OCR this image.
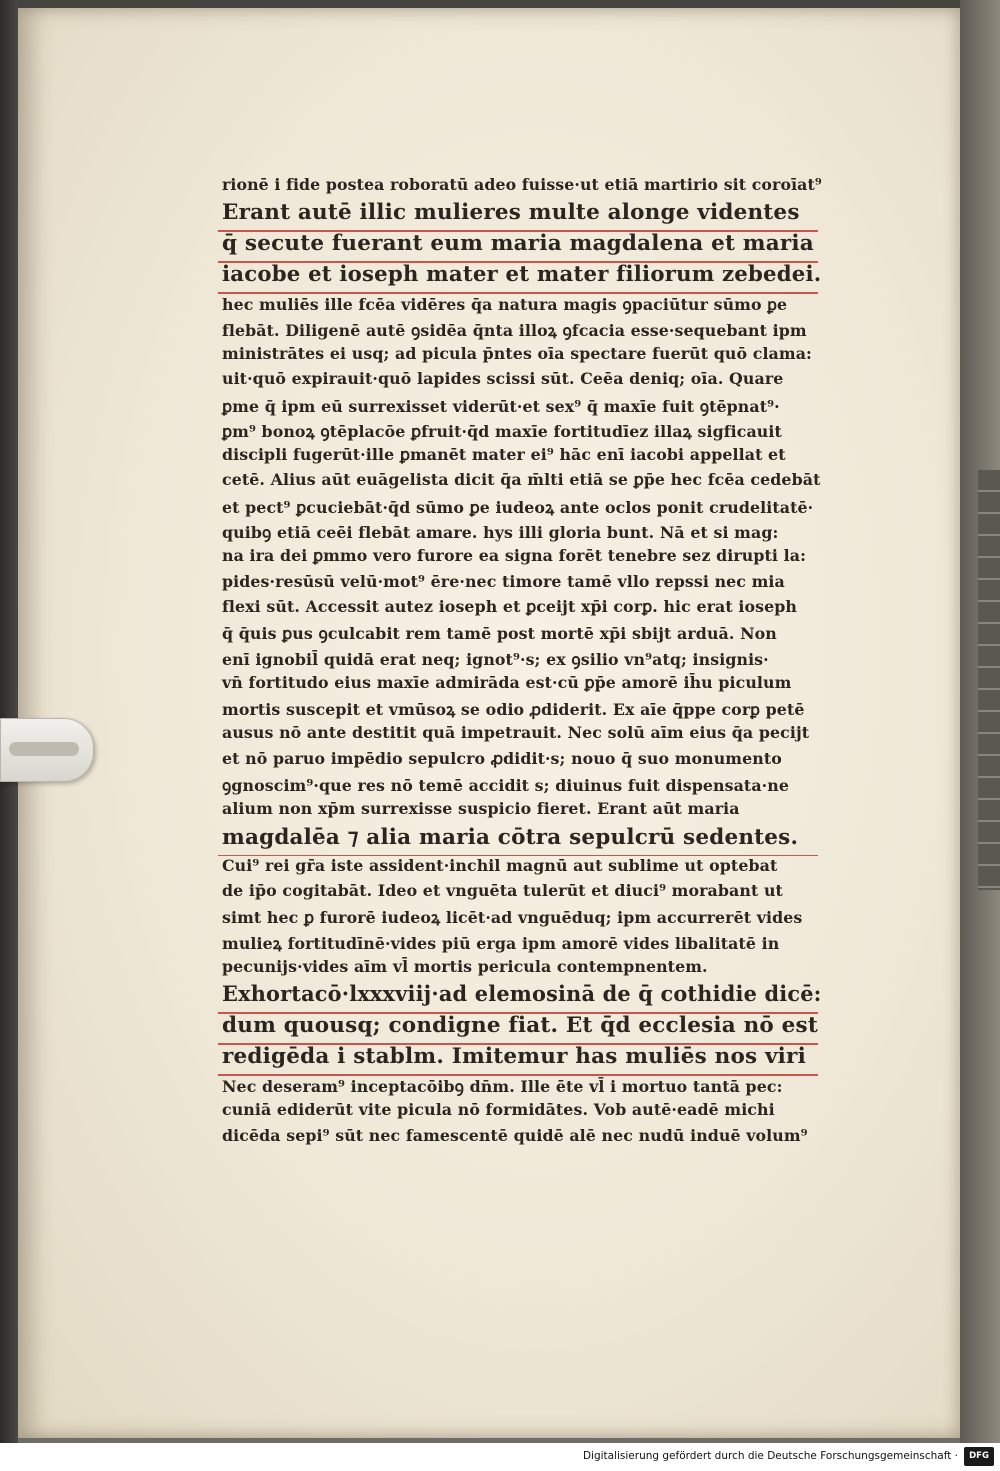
rionē i fide postea roboratū adeo fuisse·ut etiā martirio sit coroīat⁹
Erant autē illic mulieres multe alonge videntes
q̄ secute fuerant eum maria magdalena et maria
iacobe et ioseph mater et mater filiorum zebedei.
hec muliēs ille fcēa vidēres q̄a natura magis ꝯpaciūtur sūmo ꝑe
flebāt. Diligenē autē ꝯsidēa q̄nta illoꝝ ꝯfcacia esse·sequebant ipm
ministrātes ei usq; ad picula p̄ntes oīa spectare fuerūt quō clama:
uit·quō expirauit·quō lapides scissi sūt. Ceēa deniq; oīa. Quare
ꝑme q̄ ipm eū surrexisset viderūt·et sex⁹ q̄ maxīe fuit ꝯtēpnat⁹·
ꝑm⁹ bonoꝝ ꝯtēplacōe ꝑfruit·q̄d maxīe fortitudīez illaꝝ sigficauit
discipli fugerūt·ille ꝑmanēt mater ei⁹ hāc enī iacobi appellat et
cetē. Alius aūt euāgelista dicit q̄a m̄lti etiā se ꝑp̄e hec fcēa cedebāt
et pect⁹ ꝑcuciebāt·q̄d sūmo ꝑe iudeoꝝ ante oclos ponit crudelitatē·
quibꝯ etiā ceēi flebāt amare. hys illi gloria bunt. Nā et si mag:
na ira dei ꝑmmo vero furore ea signa forēt tenebre sez dirupti la:
pides·resūsū velū·mot⁹ ēre·nec timore tamē vllo repssi nec mia
flexi sūt. Accessit autez ioseph et ꝑceijt xp̄i corꝑ. hic erat ioseph
q̄ q̄uis ꝑus ꝯculcabit rem tamē post mortē xp̄i sbijt arduā. Non
enī ignobil̄ quidā erat neq; ignot⁹·s; ex ꝯsilio vn⁹atq; insignis·
vn̄ fortitudo eius maxīe admirāda est·cū ꝑp̄e amorē ih̄u piculum
mortis suscepit et vmūsoꝝ se odio ꝓdiderit. Ex aīe q̄ppe corꝑ petē
ausus nō ante destitit quā impetrauit. Nec solū aīm eius q̄a pecijt
et nō paruo impēdio sepulcro ꝓdidit·s; nouo q̄ suo monumento
ꝯgnoscim⁹·que res nō temē accidit s; diuinus fuit dispensata·ne
alium non xp̄m surrexisse suspicio fieret. Erant aūt maria
magdalēa ⁊ alia maria cōtra sepulcrū sedentes.
Cui⁹ rei gr̄a iste assident·inchil magnū aut sublime ut optebat
de ip̄o cogitabāt. Ideo et vnguēta tulerūt et diuci⁹ morabant ut
simt hec ꝑ furorē iudeoꝝ licēt·ad vnguēduq; ipm accurrerēt vides
mulieꝝ fortitudīnē·vides piū erga ipm amorē vides libalitatē in
pecunijs·vides aīm vl̄ mortis pericula contempnentem.
Exhortacō·lxxxviij·ad elemosinā de q̄ cothidie dicē:
dum quousq; condigne fiat. Et q̄d ecclesia nō est
redigēda i stablm. Imitemur has muliēs nos viri
Nec deseram⁹ inceptacōibꝯ dn̄m. Ille ēte vl̄ i mortuo tantā pec:
cuniā ediderūt vite picula nō formidātes. Vob autē·eadē michi
dicēda sepi⁹ sūt nec famescentē quidē alē nec nudū induē volum⁹
Digitalisierung gefördert durch die Deutsche Forschungsgemeinschaft ·	DFG
